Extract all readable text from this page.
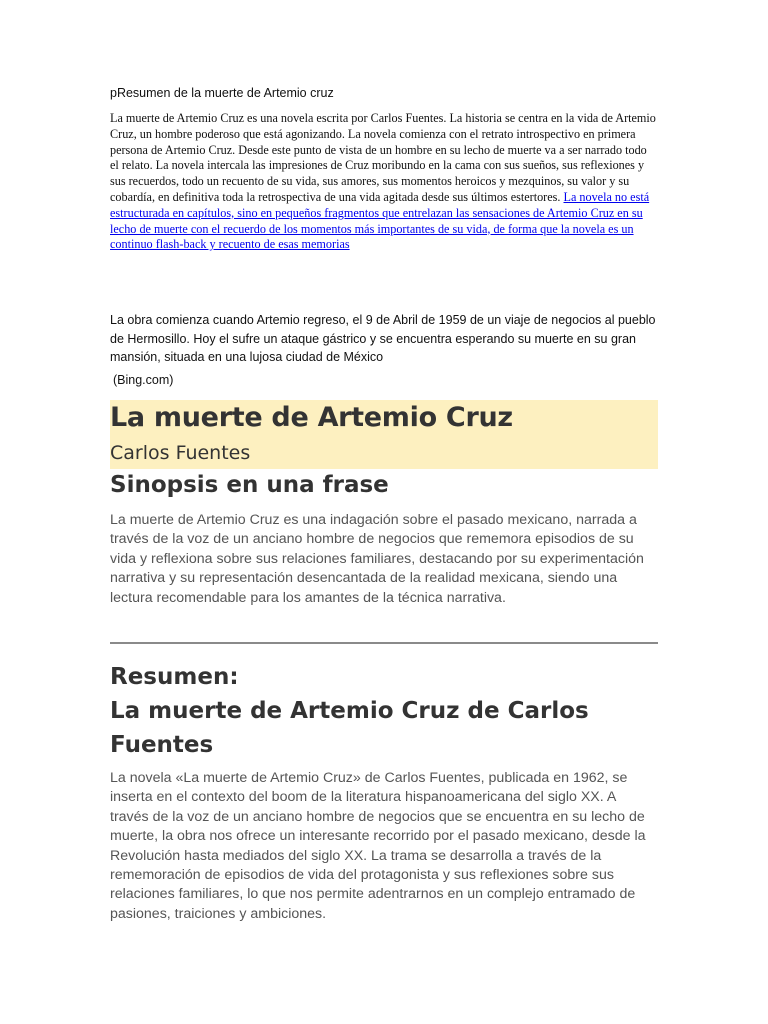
pResumen de la muerte de Artemio cruz

La muerte de Artemio Cruz es una novela escrita por Carlos Fuentes. La historia se centra en la vida de Artemio Cruz, un hombre poderoso que está agonizando. La novela comienza con el retrato introspectivo en primera persona de Artemio Cruz. Desde este punto de vista de un hombre en su lecho de muerte va a ser narrado todo el relato. La novela intercala las impresiones de Cruz moribundo en la cama con sus sueños, sus reflexiones y sus recuerdos, todo un recuento de su vida, sus amores, sus momentos heroicos y mezquinos, su valor y su cobardía, en definitiva toda la retrospectiva de una vida agitada desde sus últimos estertores. La novela no está estructurada en capítulos, sino en pequeños fragmentos que entrelazan las sensaciones de Artemio Cruz en su lecho de muerte con el recuerdo de los momentos más importantes de su vida, de forma que la novela es un continuo flash-back y recuento de esas memorias

La obra comienza cuando Artemio regreso, el 9 de Abril de 1959 de un viaje de negocios al pueblo de Hermosillo. Hoy el sufre un ataque gástrico y se encuentra esperando su muerte en su gran mansión, situada en una lujosa ciudad de México

(Bing.com)
La muerte de Artemio Cruz
Carlos Fuentes
Sinopsis en una frase

La muerte de Artemio Cruz es una indagación sobre el pasado mexicano, narrada a través de la voz de un anciano hombre de negocios que rememora episodios de su vida y reflexiona sobre sus relaciones familiares, destacando por su experimentación narrativa y su representación desencantada de la realidad mexicana, siendo una lectura recomendable para los amantes de la técnica narrativa.

Resumen:
La muerte de Artemio Cruz de Carlos Fuentes

La novela «La muerte de Artemio Cruz» de Carlos Fuentes, publicada en 1962, se inserta en el contexto del boom de la literatura hispanoamericana del siglo XX. A través de la voz de un anciano hombre de negocios que se encuentra en su lecho de muerte, la obra nos ofrece un interesante recorrido por el pasado mexicano, desde la Revolución hasta mediados del siglo XX. La trama se desarrolla a través de la rememoración de episodios de vida del protagonista y sus reflexiones sobre sus relaciones familiares, lo que nos permite adentrarnos en un complejo entramado de pasiones, traiciones y ambiciones.
